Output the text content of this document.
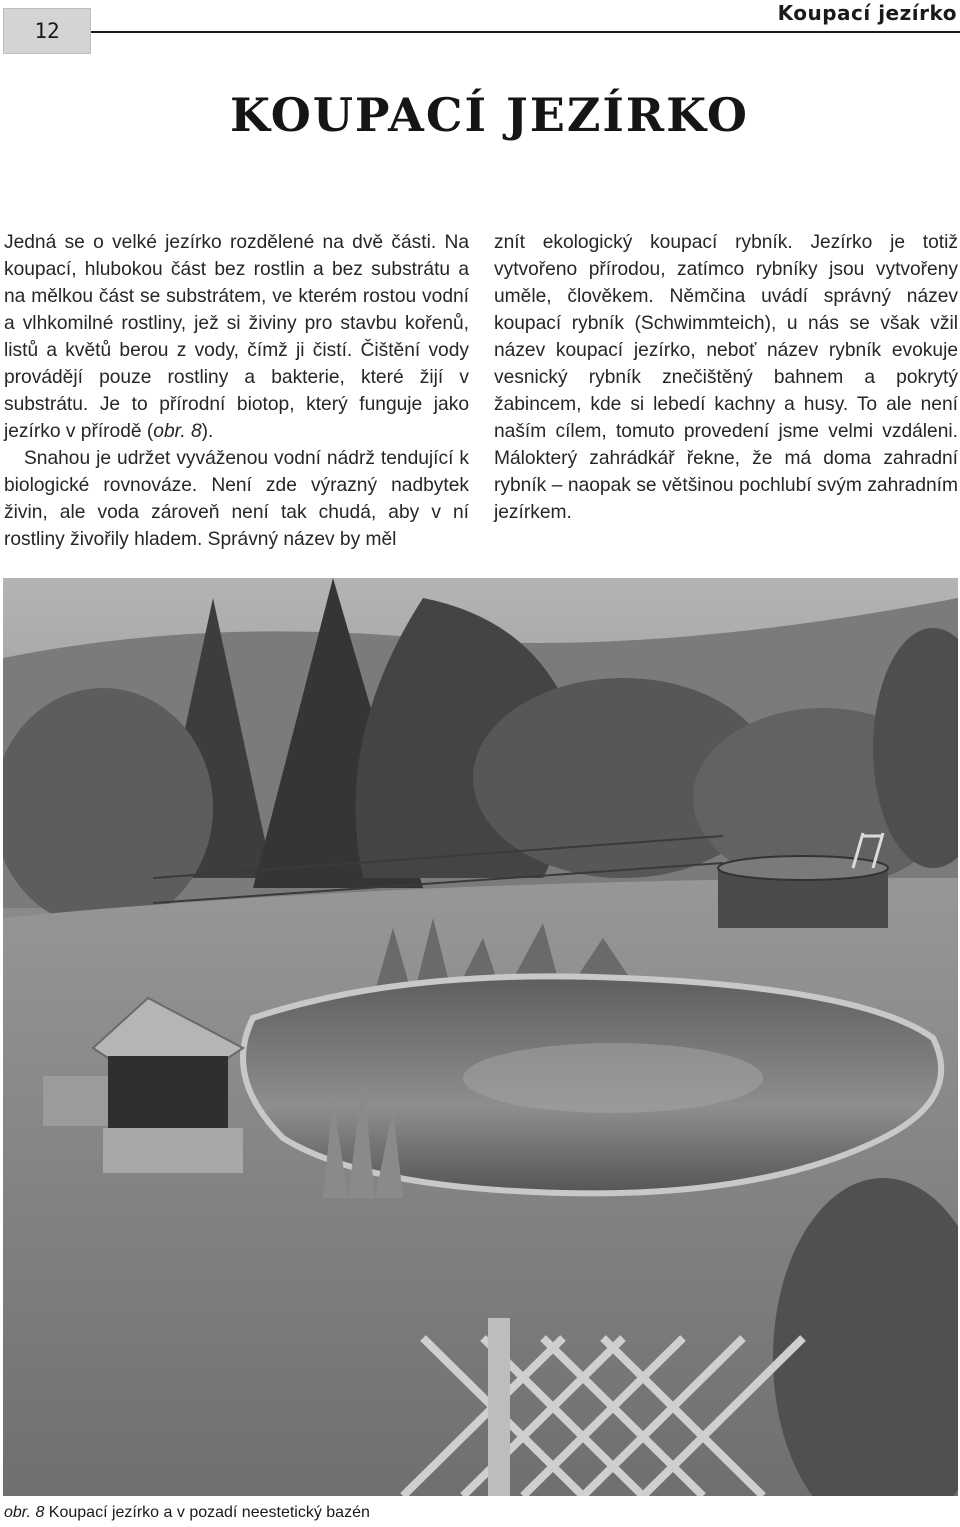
12
Koupací jezírko
KOUPACÍ JEZÍRKO

Jedná se o velké jezírko rozdělené na dvě části. Na koupací, hlubokou část bez rostlin a bez substrátu a na mělkou část se substrátem, ve kterém rostou vodní a vlhkomilné rostliny, jež si živiny pro stavbu kořenů, listů a květů berou z vody, čímž ji čistí. Čištění vody provádějí pouze rostliny a bakterie, které žijí v substrátu. Je to přírodní biotop, který funguje jako jezírko v přírodě (obr. 8).

Snahou je udržet vyváženou vodní nádrž tendující k biologické rovnováze. Není zde výrazný nadbytek živin, ale voda zároveň není tak chudá, aby v ní rostliny živořily hladem. Správný název by měl

znít ekologický koupací rybník. Jezírko je totiž vytvořeno přírodou, zatímco rybníky jsou vytvořeny uměle, člověkem. Němčina uvádí správný název koupací rybník (Schwimmteich), u nás se však vžil název koupací jezírko, neboť název rybník evokuje vesnický rybník znečištěný bahnem a pokrytý žabincem, kde si lebedí kachny a husy. To ale není naším cílem, tomuto provedení jsme velmi vzdáleni. Málokterý zahrádkář řekne, že má doma zahradní rybník – naopak se většinou pochlubí svým zahradním jezírkem.

obr. 8 Koupací jezírko a v pozadí neestetický bazén
